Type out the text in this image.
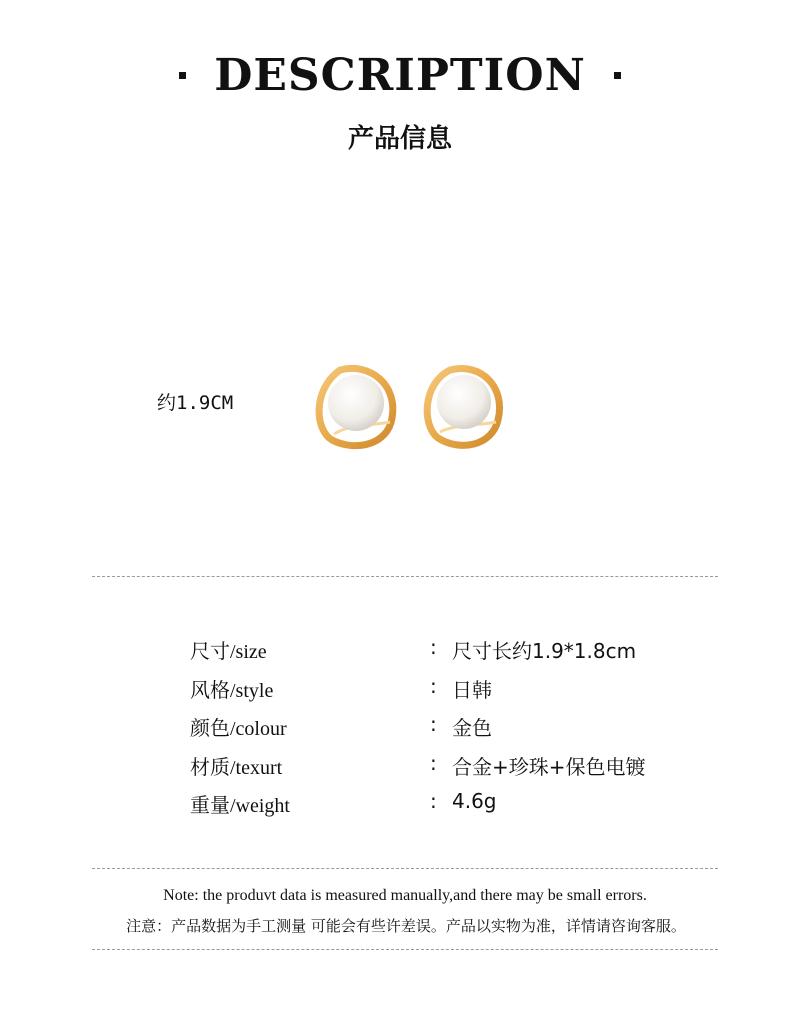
DESCRIPTION
产品信息
约1.9CM
尺寸/size	: 尺寸长约1.9*1.8cm
风格/style	: 日韩
颜色/colour	: 金色
材质/texurt	: 合金+珍珠+保色电镀
重量/weight	: 4.6g
Note: the produvt data is measured manually,and there may be small errors.
注意：产品数据为手工测量 可能会有些许差误。产品以实物为准，详情请咨询客服。
